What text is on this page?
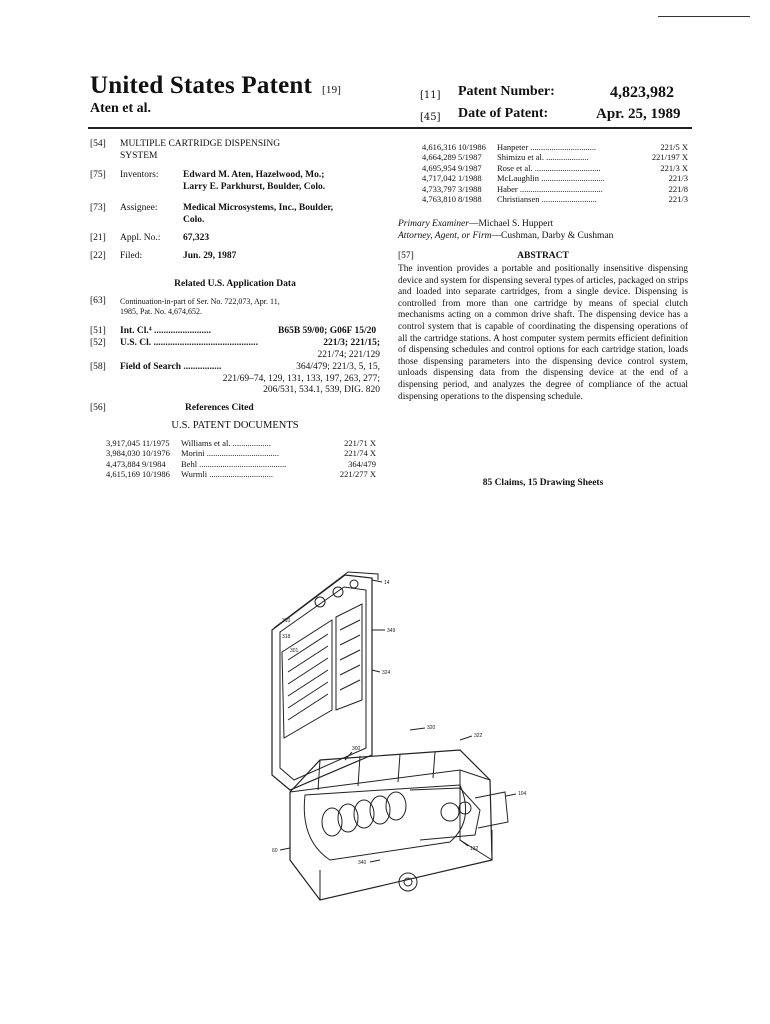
United States Patent [19]
Aten et al.
[11] Patent Number:	4,823,982
[45] Date of Patent:	Apr. 25, 1989
[54] MULTIPLE CARTRIDGE DISPENSING
SYSTEM
[75] Inventors:	Edward M. Aten, Hazelwood, Mo.;
Larry E. Parkhurst, Boulder, Colo.
[73] Assignee:	Medical Microsystems, Inc., Boulder,
Colo.
[21] Appl. No.: 67,323
[22] Filed:	Jun. 29, 1987
Related U.S. Application Data
[63] Continuation-in-part of Ser. No. 722,073, Apr. 11,
1985, Pat. No. 4,674,652.
[51] Int. Cl.⁴ ........................	B65B 59/00; G06F 15/20
[52] U.S. Cl. ............................................	221/3; 221/15;
221/74; 221/129
[58] Field of Search ................	364/479; 221/3, 5, 15,
221/69–74, 129, 131, 133, 197, 263, 277;
206/531, 534.1, 539, DIG. 820
[56]	References Cited
U.S. PATENT DOCUMENTS
3,917,045 11/1975 Williams et al. ..................	221/71 X
3,984,030 10/1976 Morini ..................................	221/74 X
4,473,884 9/1984 Behl .........................................	364/479
4,615,169 10/1986 Wurmli ..............................	221/277 X
4,616,316 10/1986 Hanpeter ...............................	221/5 X
4,664,289 5/1987 Shimizu et al. ....................	221/197 X
4,695,954 9/1987 Rose et al. ...............................	221/3 X
4,717,042 1/1988 McLaughlin ..............................	221/3
4,733,797 3/1988 Haber .......................................	221/8
4,763,810 8/1988 Christiansen ..........................	221/3
Primary Examiner—Michael S. Huppert
Attorney, Agent, or Firm—Cushman, Darby & Cushman
[57]	ABSTRACT
The invention provides a portable and positionally insensitive dispensing device and system for dispensing several types of articles, packaged on strips and loaded into separate cartridges, from a single device. Dispensing is controlled from more than one cartridge by means of special clutch mechanisms acting on a common drive shaft. The dispensing device has a control system that is capable of coordinating the dispensing operations of all the cartridge stations. A host computer system permits efficient definition of dispensing schedules and control options for each cartridge station, loads those dispensing parameters into the dispensing device control system, unloads dispensing data from the dispensing device at the end of a dispensing period, and analyzes the degree of compliance of the actual dispensing operations to the dispensing schedule.
85 Claims, 15 Drawing Sheets
14
349
324
320
322
300
104
60
340
132
310
318
301
